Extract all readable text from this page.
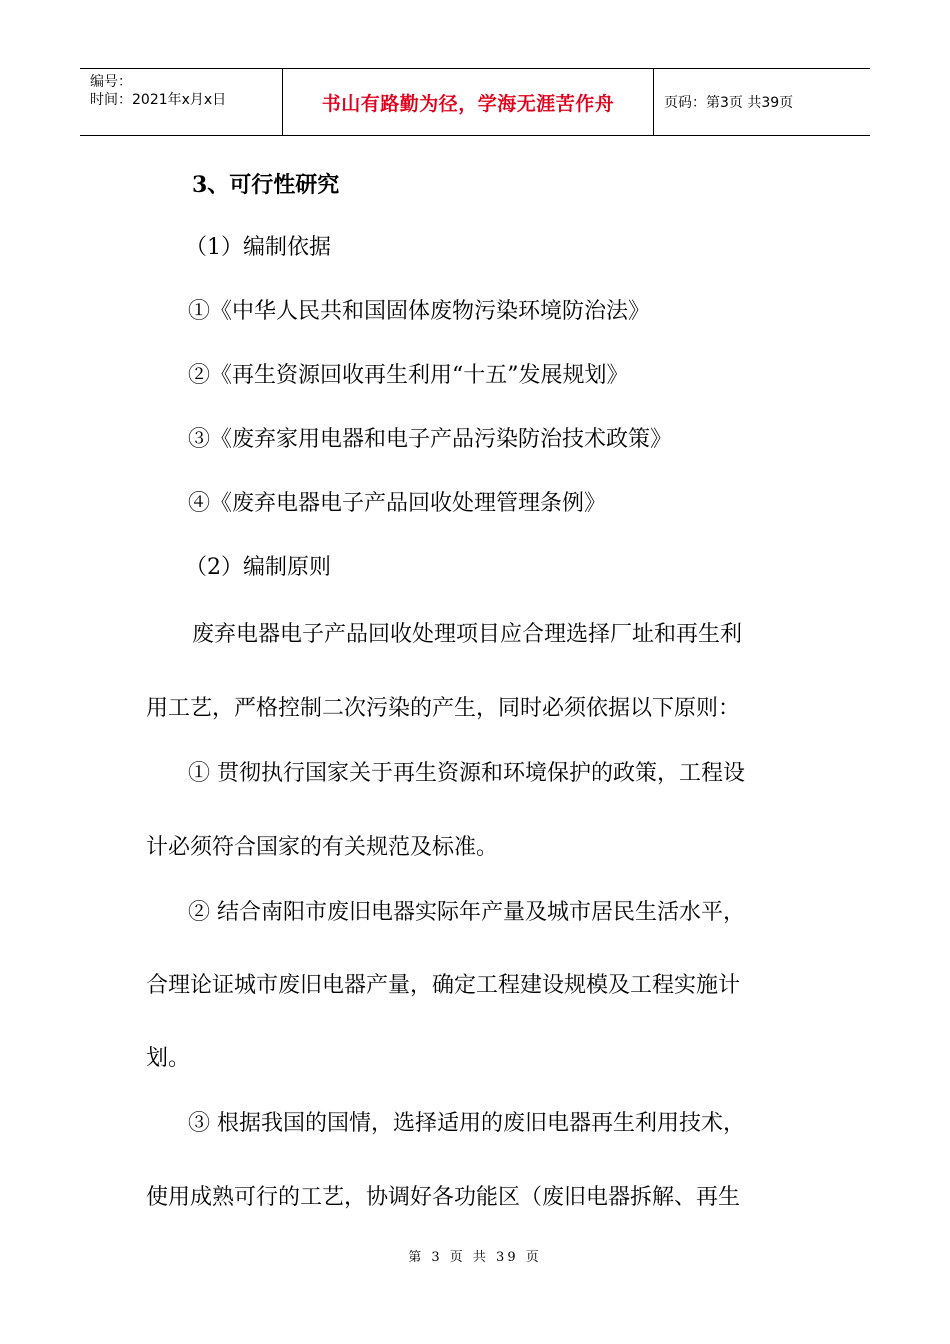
编号：
时间：2021年x月x日	书山有路勤为径，学海无涯苦作舟	页码：第3页 共39页
3、可行性研究
（1）编制依据
①《中华人民共和国固体废物污染环境防治法》
②《再生资源回收再生利用“十五”发展规划》
③《废弃家用电器和电子产品污染防治技术政策》
④《废弃电器电子产品回收处理管理条例》
（2）编制原则
废弃电器电子产品回收处理项目应合理选择厂址和再生利
用工艺，严格控制二次污染的产生，同时必须依据以下原则：
① 贯彻执行国家关于再生资源和环境保护的政策，工程设
计必须符合国家的有关规范及标准。
② 结合南阳市废旧电器实际年产量及城市居民生活水平，
合理论证城市废旧电器产量，确定工程建设规模及工程实施计
划。
③ 根据我国的国情，选择适用的废旧电器再生利用技术，
使用成熟可行的工艺，协调好各功能区（废旧电器拆解、再生
第 3 页 共 39 页
